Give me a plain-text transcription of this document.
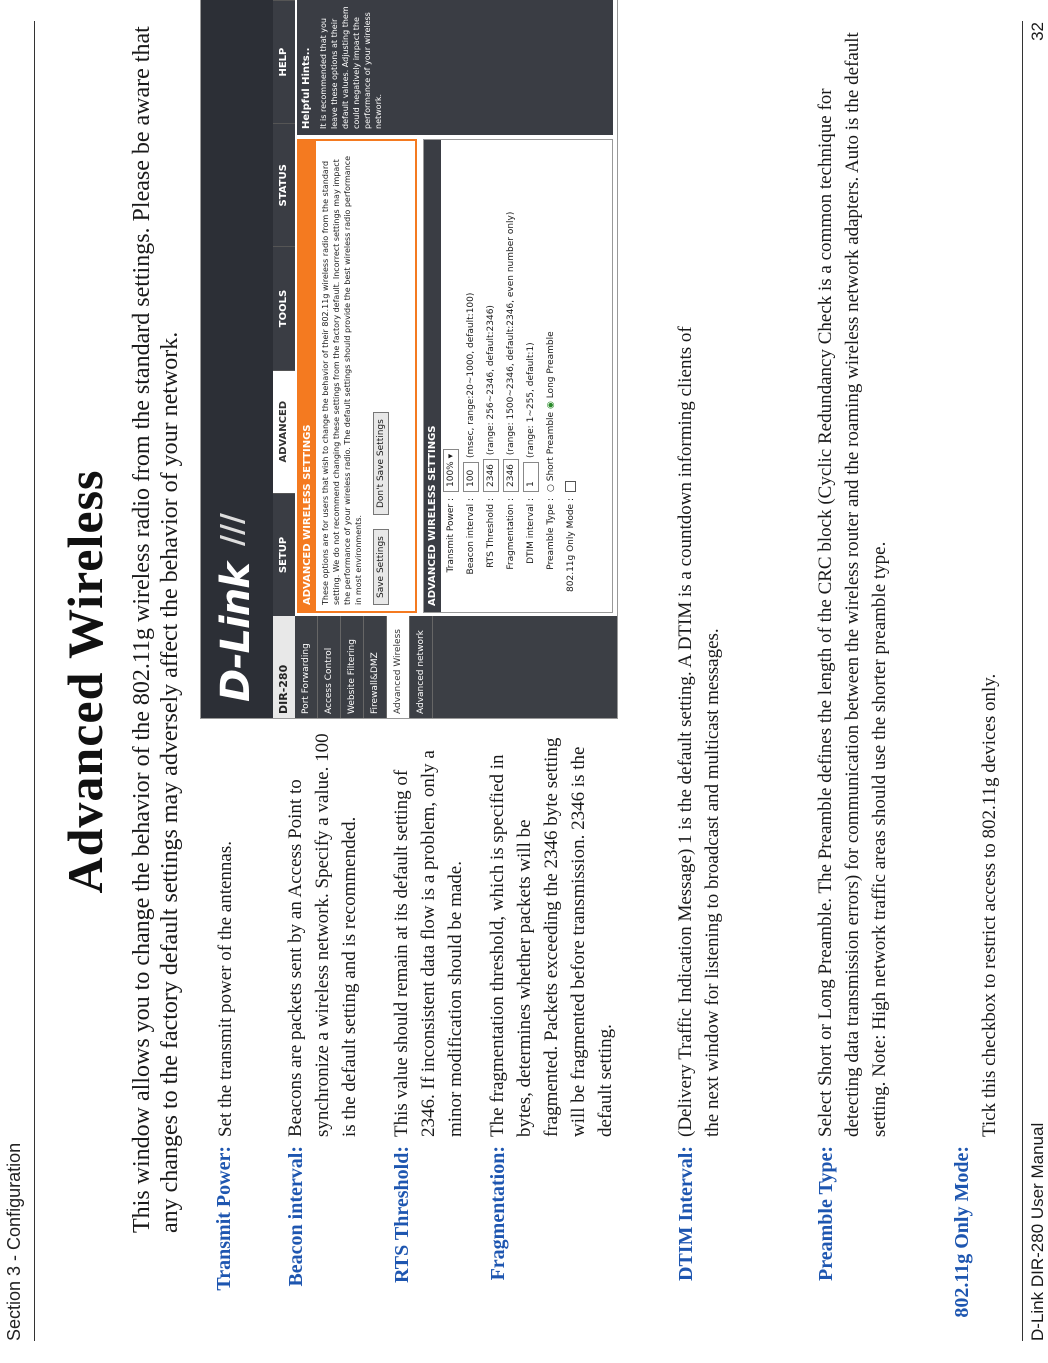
Section 3 - Configuration
Advanced Wireless This window allows you to change the behavior of the 802.11g wireless radio from the standard settings. Please be aware that any changes to the factory default settings may adversely affect the behavior of your network. D-Link
///
DIR-280
SETUP
ADVANCED
TOOLS
STATUS
HELP
Port Forwarding	Access Control	Website Filtering	Firewall&DMZ	Advanced Wireless	Advanced network
ADVANCED WIRELESS SETTINGS	These options are for users that wish to change the behavior of their 802.11g wireless radio from the standard setting. We do not recommend changing these settings from the factory default. Incorrect settings may impact the performance of your wireless radio. The default settings should provide the best wireless radio performance in most environments.	Save Settings Don't Save Settings	ADVANCED WIRELESS SETTINGS Transmit Power :
100% ▾
Beacon interval :
100(msec, range:20~1000, default:100)
RTS Threshold :
2346(range: 256~2346, default:2346)
Fragmentation :
2346(range: 1500~2346, default:2346, even number only)
DTIM interval :
1(range: 1~255, default:1)
Preamble Type :
○ Short Preamble ◉ Long Preamble
802.11g Only Mode :
Helpful Hints.. It is recommended that you leave these options at their default values. Adjusting them could negatively impact the performance of your wireless network.
Transmit Power:
Set the transmit power of the antennas.
Beacon interval:
Beacons are packets sent by an Access Point to synchronize a wireless network. Specify a value. 100 is the default setting and is recommended.
RTS Threshold:
This value should remain at its default setting of 2346. If inconsistent data flow is a problem, only a minor modification should be made.
Fragmentation:
The fragmentation threshold, which is specified in bytes, determines whether packets will be fragmented. Packets exceeding the 2346 byte setting will be fragmented before transmission. 2346 is the default setting.
DTIM Interval:
(Delivery Traffic Indication Message) 1 is the default setting. A DTIM is a countdown informing clients of the next window for listening to broadcast and multicast messages.
Preamble Type:
Select Short or Long Preamble. The Preamble defines the length of the CRC block (Cyclic Redundancy Check is a common technique for detecting data transmission errors) for communication between the wireless router and the roaming wireless network adapters. Auto is the default setting. Note: High network traffic areas should use the shorter preamble type.
802.11g Only Mode:
Tick this checkbox to restrict access to 802.11g devices only.
D-Link DIR-280 User Manual
32
